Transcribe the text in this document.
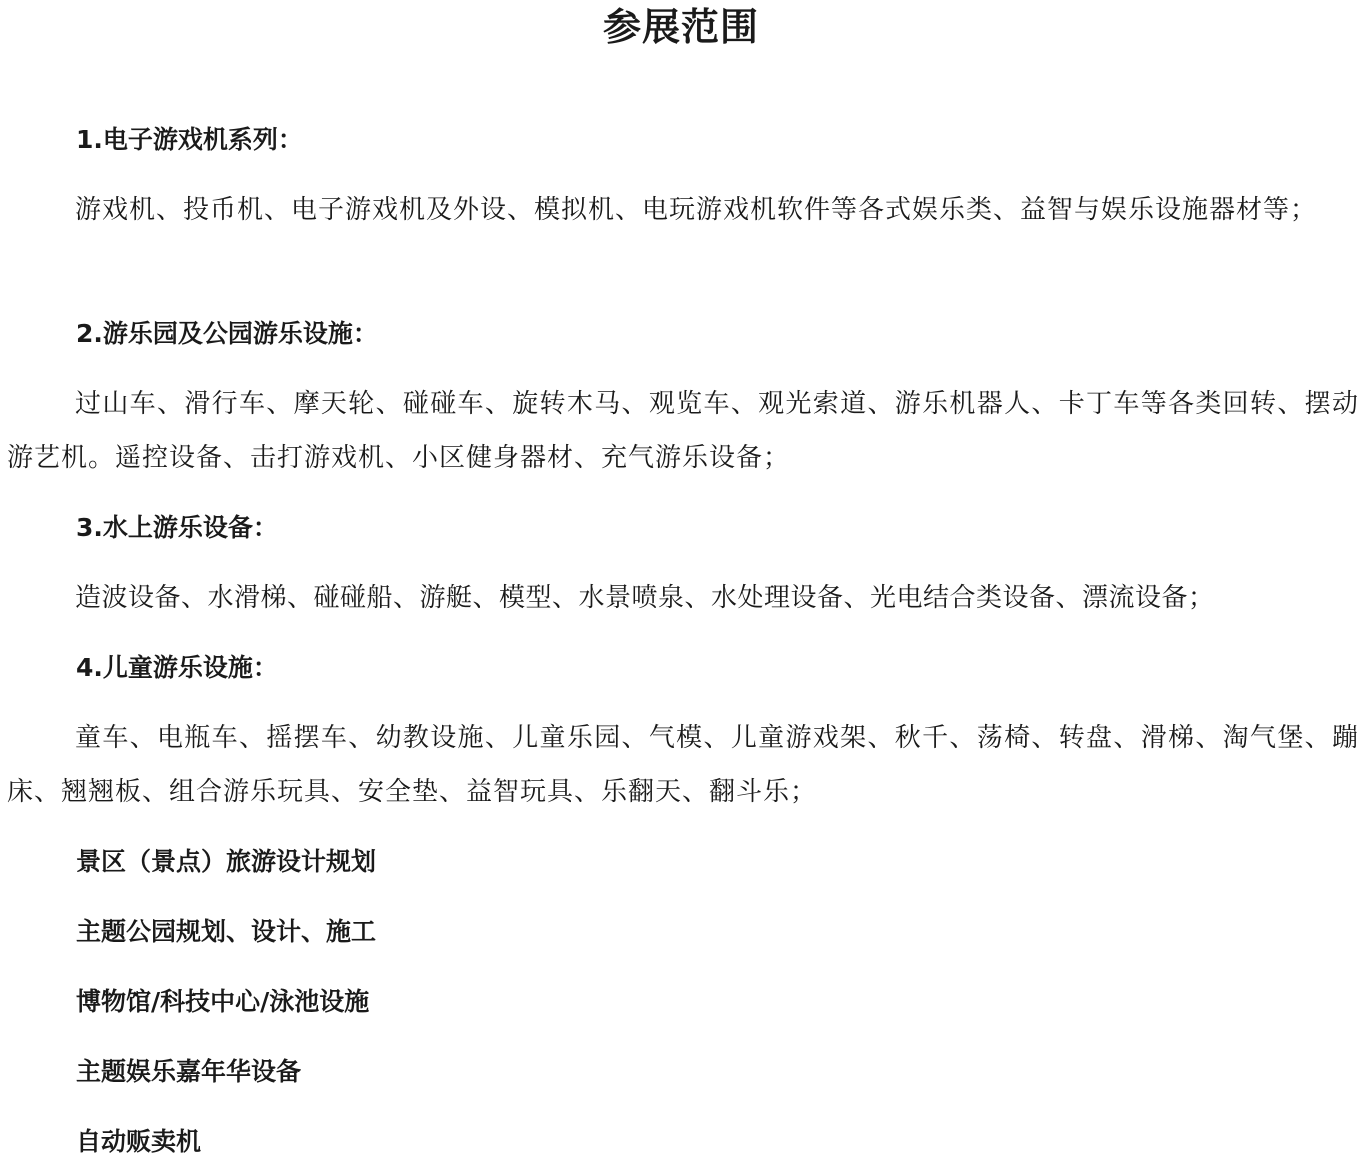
参展范围
1.电子游戏机系列：

游戏机、投币机、电子游戏机及外设、模拟机、电玩游戏机软件等各式娱乐类、益智与娱乐设施器材等；

2.游乐园及公园游乐设施：

过山车、滑行车、摩天轮、碰碰车、旋转木马、观览车、观光索道、游乐机器人、卡丁车等各类回转、摆动游艺机。遥控设备、击打游戏机、小区健身器材、充气游乐设备；

3.水上游乐设备：

造波设备、水滑梯、碰碰船、游艇、模型、水景喷泉、水处理设备、光电结合类设备、漂流设备；

4.儿童游乐设施：

童车、电瓶车、摇摆车、幼教设施、儿童乐园、气模、儿童游戏架、秋千、荡椅、转盘、滑梯、淘气堡、蹦床、翘翘板、组合游乐玩具、安全垫、益智玩具、乐翻天、翻斗乐；

景区（景点）旅游设计规划
主题公园规划、设计、施工
博物馆/科技中心/泳池设施
主题娱乐嘉年华设备
自动贩卖机
